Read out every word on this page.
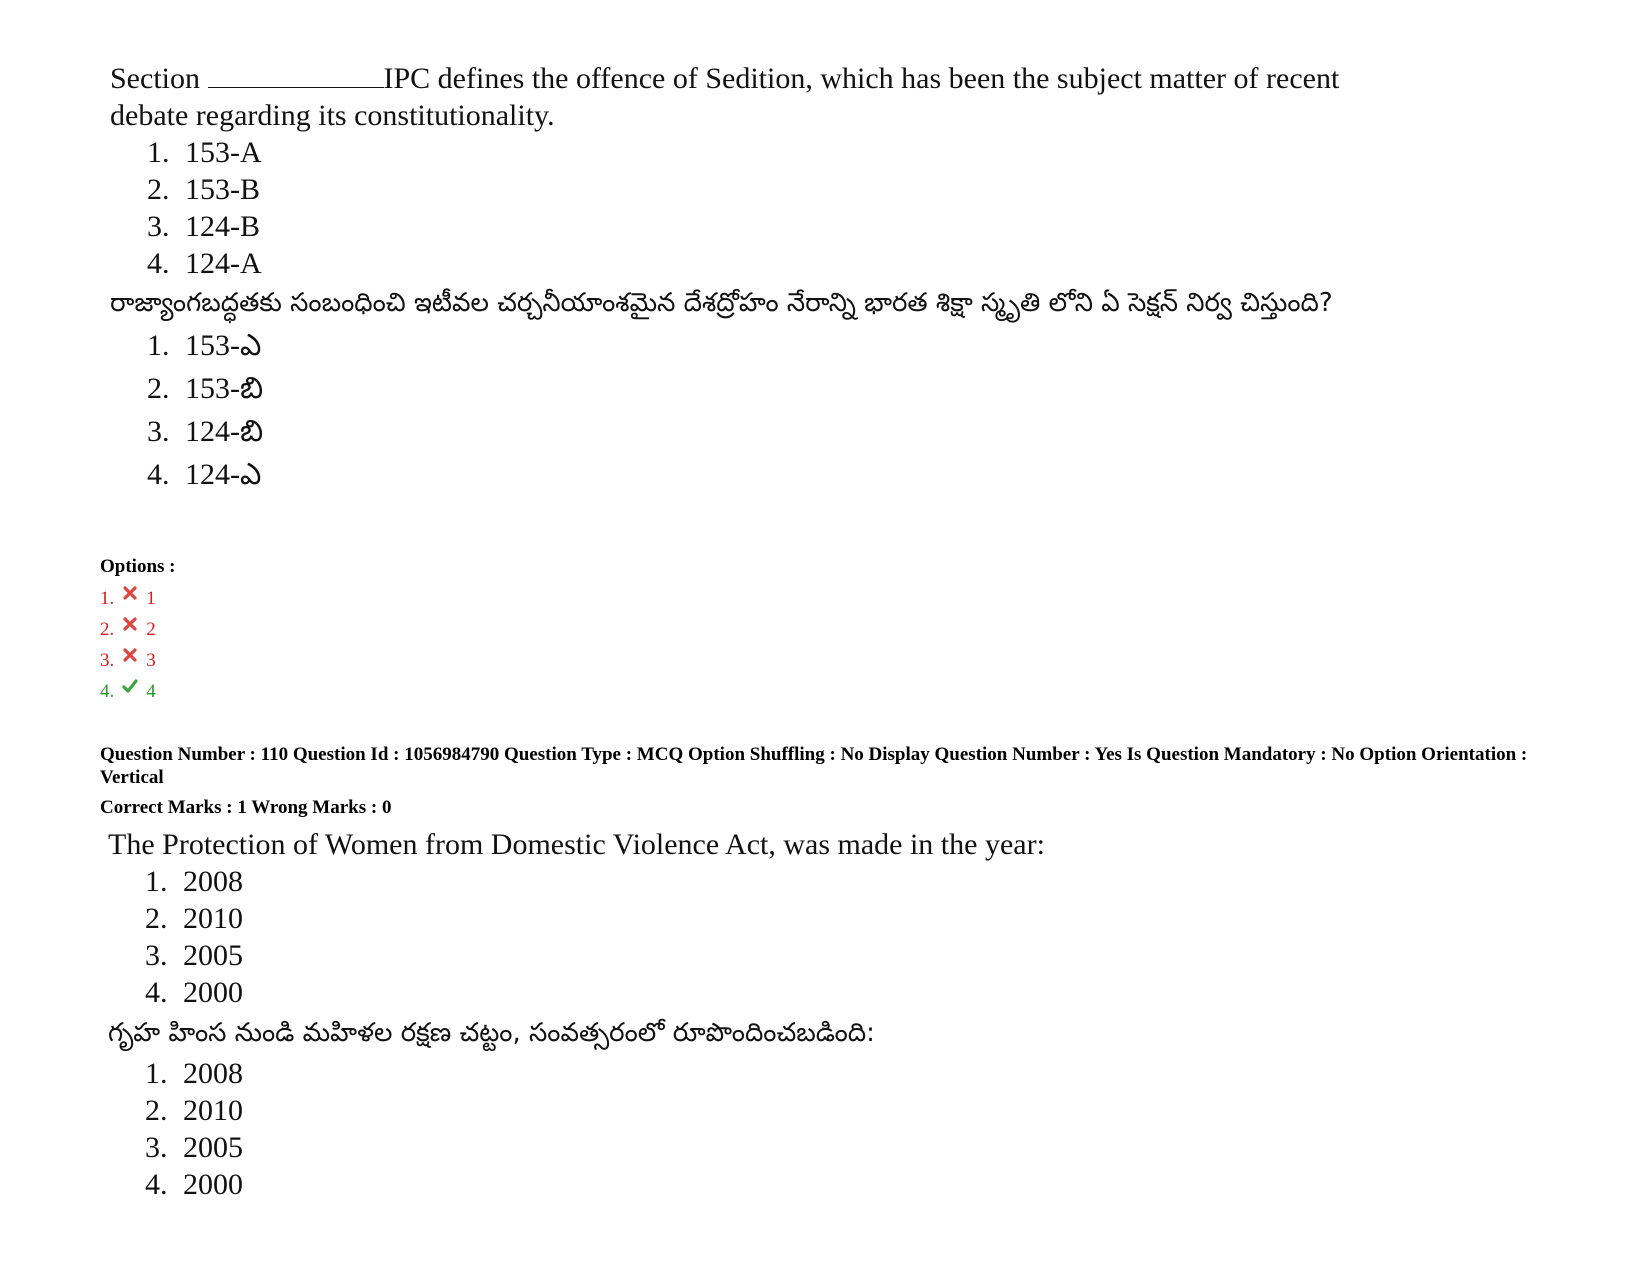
Section	IPC defines the offence of Sedition, which has been the subject matter of recent debate regarding its constitutionality.

1. 153-A
2. 153-B
3. 124-B
4. 124-A

రాజ్యాంగబద్ధతకు సంబంధించి ఇటీవల చర్చనీయాంశమైన దేశద్రోహం నేరాన్ని భారత శిక్షా స్మృతి లోని ఏ సెక్షన్ నిర్వ చిస్తుంది?

1. 153-ఎ
2. 153-బి
3. 124-బి
4. 124-ఎ
Options :
1. 1
2. 2
3. 3
4. 4
Question Number : 110 Question Id : 1056984790 Question Type : MCQ Option Shuffling : No Display Question Number : Yes Is Question Mandatory : No Option Orientation : Vertical
Correct Marks : 1 Wrong Marks : 0

The Protection of Women from Domestic Violence Act, was made in the year:

1. 2008
2. 2010
3. 2005
4. 2000

గృహ హింస నుండి మహిళల రక్షణ చట్టం, సంవత్సరంలో రూపొందించబడింది:

1. 2008
2. 2010
3. 2005
4. 2000
